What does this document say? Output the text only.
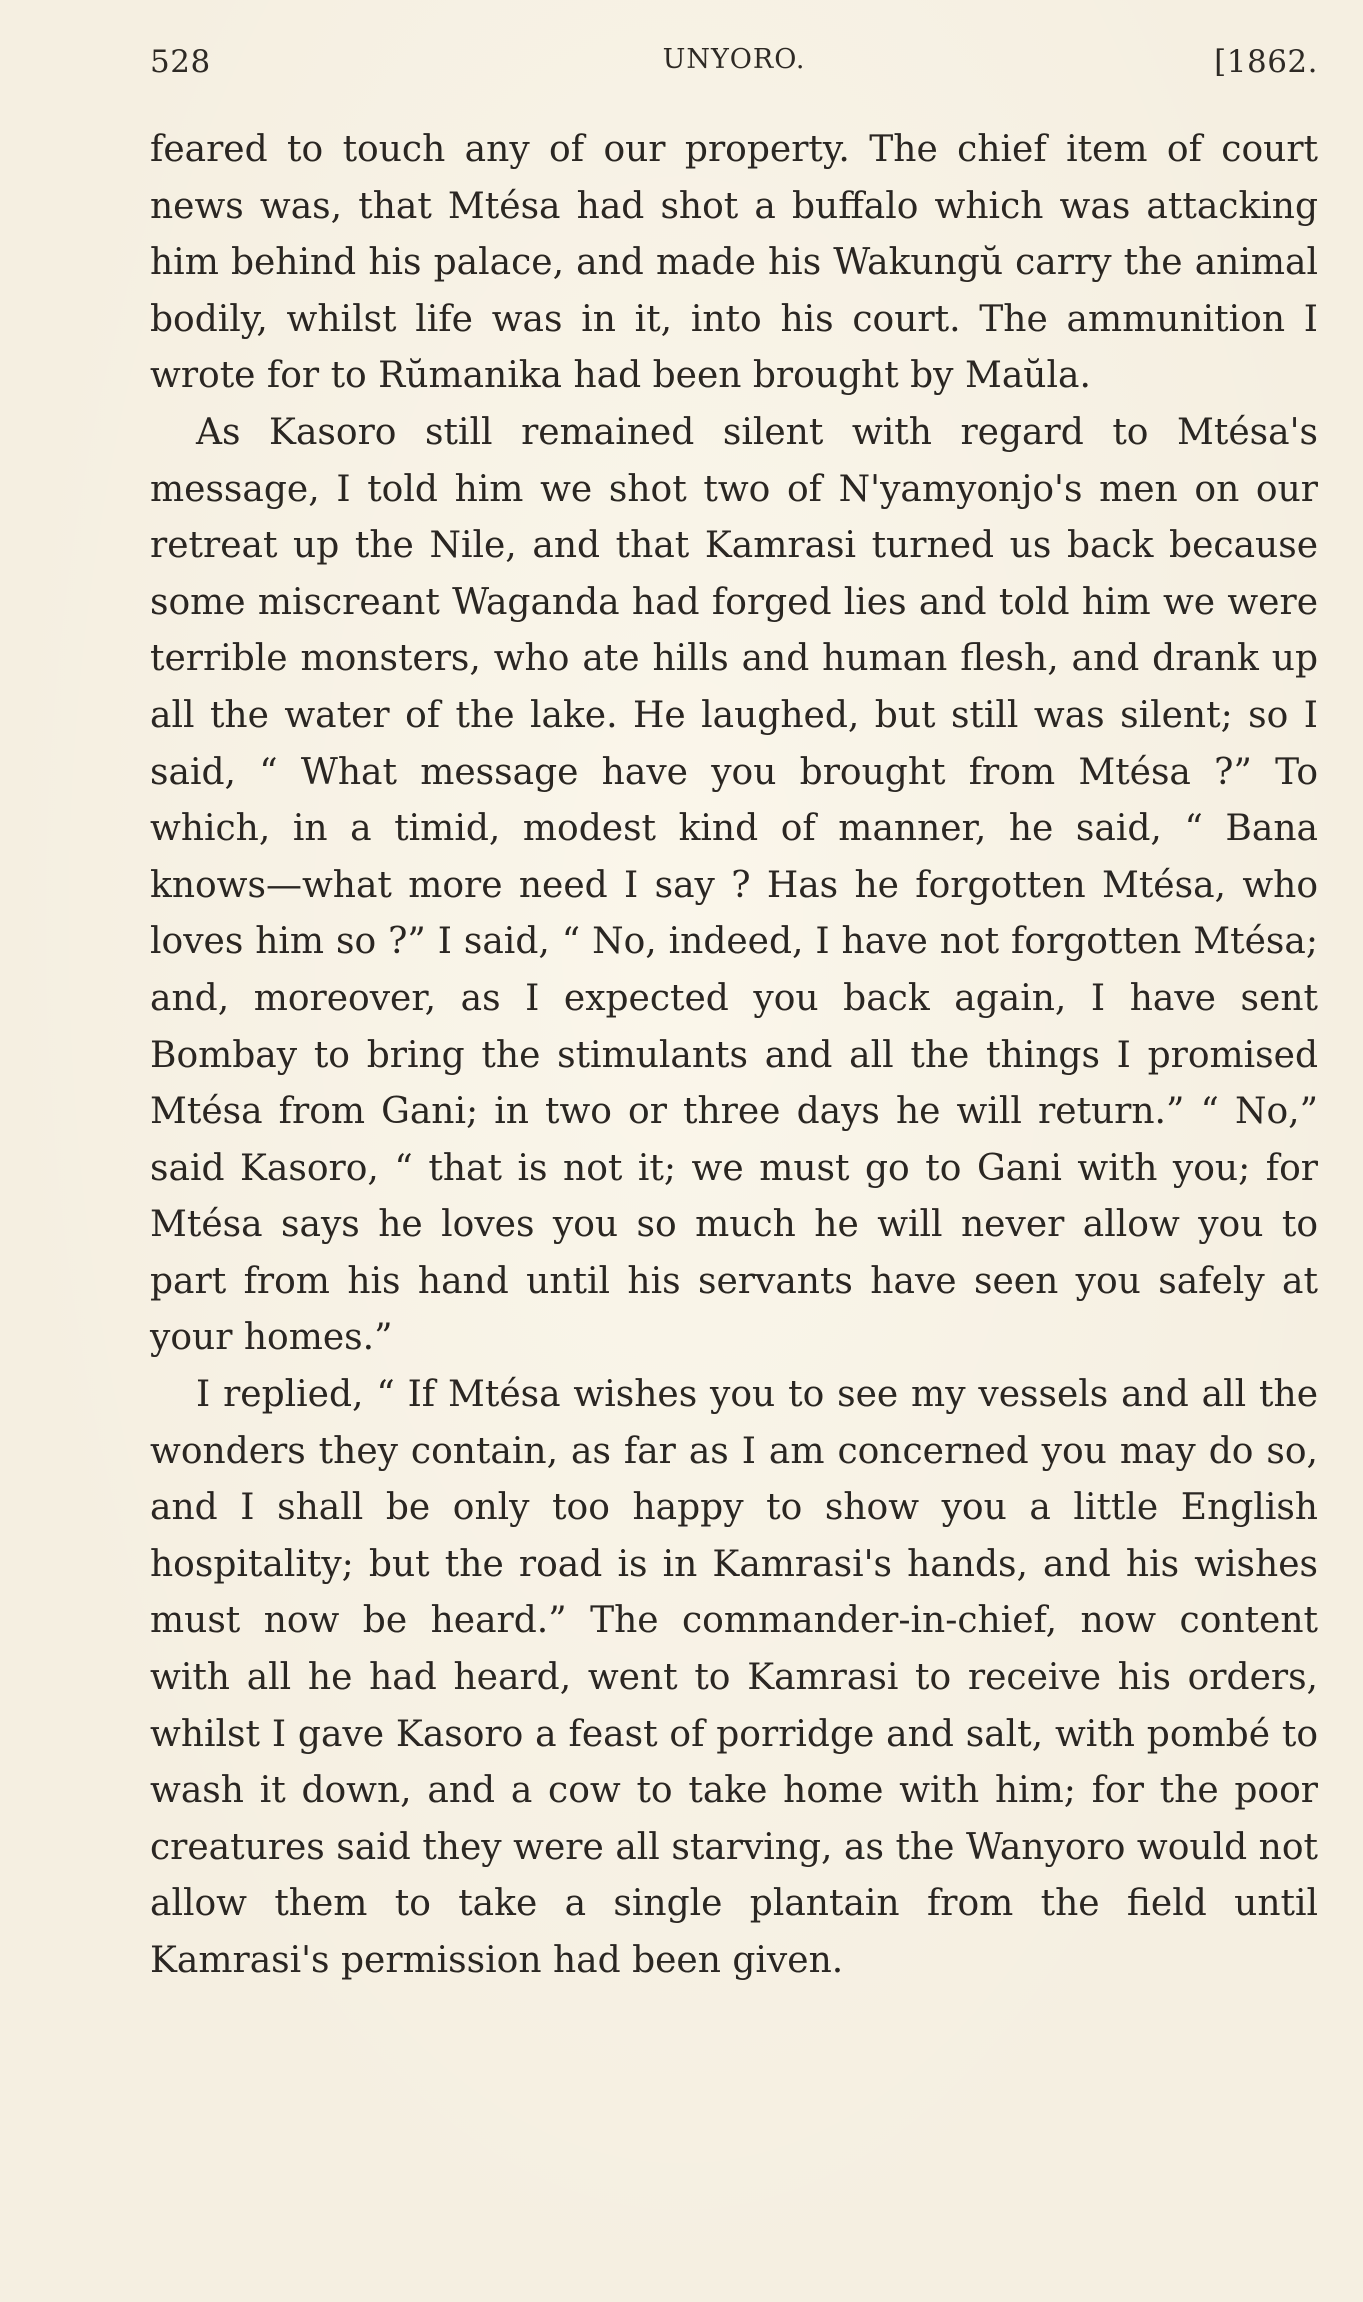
528	UNYORO.	[1862.

feared to touch any of our property. The chief item of court news was, that Mtésa had shot a buffalo which was attacking him behind his palace, and made his Wakungŭ carry the animal bodily, whilst life was in it, into his court. The ammunition I wrote for to Rŭmanika had been brought by Maŭla.

As Kasoro still remained silent with regard to Mtésa's message, I told him we shot two of N'yamyonjo's men on our retreat up the Nile, and that Kamrasi turned us back because some miscreant Waganda had forged lies and told him we were terrible monsters, who ate hills and human flesh, and drank up all the water of the lake. He laughed, but still was silent; so I said, “ What message have you brought from Mtésa ?” To which, in a timid, modest kind of manner, he said, “ Bana knows—what more need I say ? Has he forgotten Mtésa, who loves him so ?” I said, “ No, indeed, I have not forgotten Mtésa; and, moreover, as I expected you back again, I have sent Bombay to bring the stimulants and all the things I promised Mtésa from Gani; in two or three days he will return.” “ No,” said Kasoro, “ that is not it; we must go to Gani with you; for Mtésa says he loves you so much he will never allow you to part from his hand until his servants have seen you safely at your homes.”

I replied, “ If Mtésa wishes you to see my vessels and all the wonders they contain, as far as I am concerned you may do so, and I shall be only too happy to show you a little English hospitality; but the road is in Kamrasi's hands, and his wishes must now be heard.” The commander-in-chief, now content with all he had heard, went to Kamrasi to receive his orders, whilst I gave Kasoro a feast of porridge and salt, with pombé to wash it down, and a cow to take home with him; for the poor creatures said they were all starving, as the Wanyoro would not allow them to take a single plantain from the field until Kamrasi's permission had been given.
